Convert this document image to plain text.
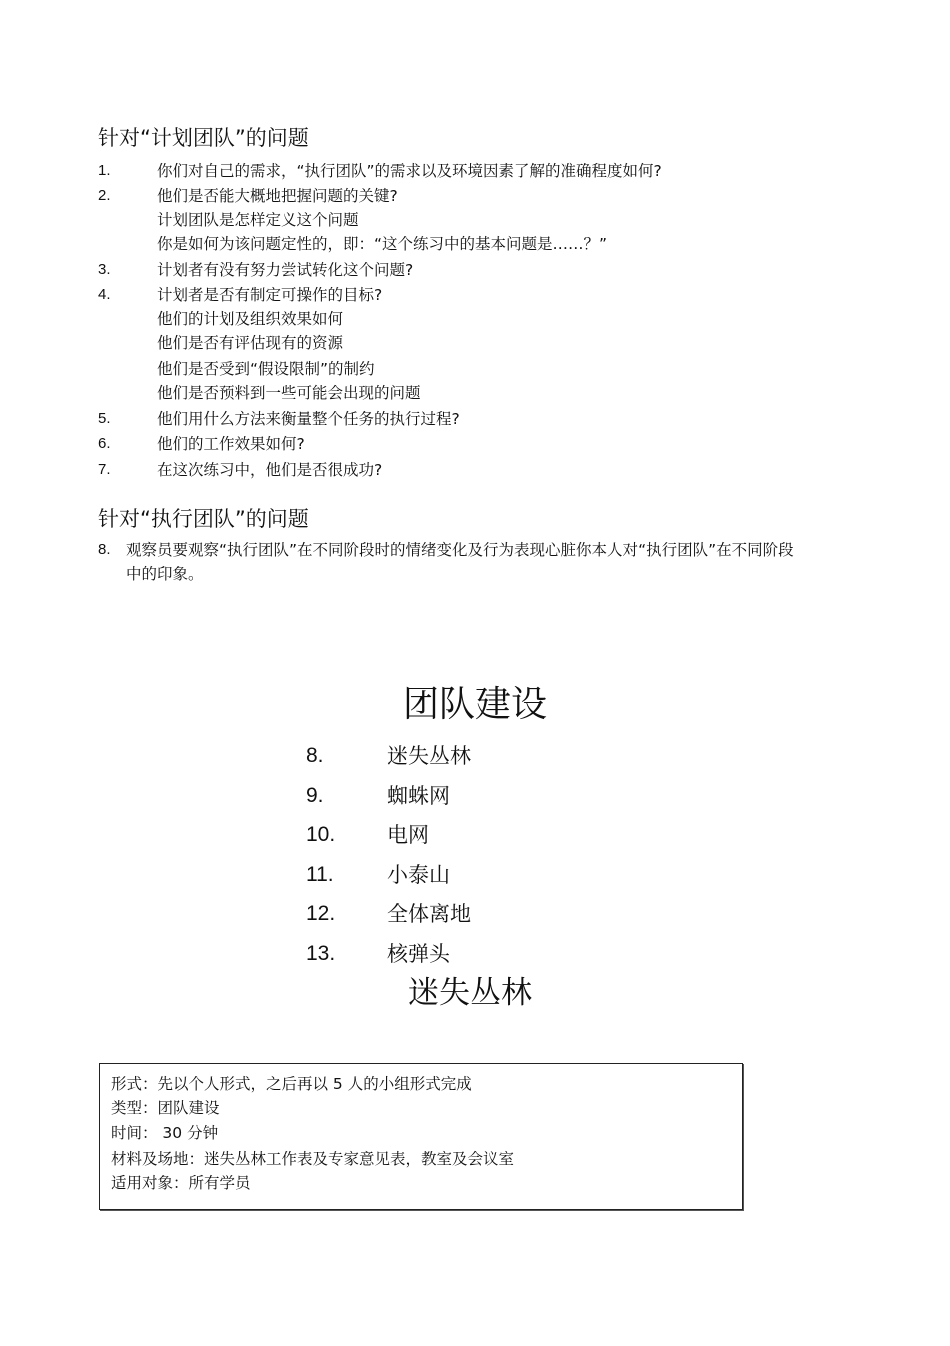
针对“计划团队”的问题
1.	你们对自己的需求，“执行团队”的需求以及环境因素了解的准确程度如何?
2.	他们是否能大概地把握问题的关键?
计划团队是怎样定义这个问题
你是如何为该问题定性的，即：“这个练习中的基本问题是……？”
3.	计划者有没有努力尝试转化这个问题?
4.	计划者是否有制定可操作的目标?
他们的计划及组织效果如何
他们是否有评估现有的资源
他们是否受到“假设限制”的制约
他们是否预料到一些可能会出现的问题
5.	他们用什么方法来衡量整个任务的执行过程?
6.	他们的工作效果如何?
7.	在这次练习中，他们是否很成功?
针对“执行团队”的问题
8. 观察员要观察“执行团队”在不同阶段时的情绪变化及行为表现心脏你本人对“执行团队”在不同阶段中的印象。
团队建设
8.	迷失丛林
9.	蜘蛛网
10. 电网
11.	小泰山
12. 全体离地
13. 核弹头
迷失丛林
形式：先以个人形式，之后再以 5 人的小组形式完成
类型：团队建设
时间： 30 分钟
材料及场地：迷失丛林工作表及专家意见表，教室及会议室
适用对象：所有学员
